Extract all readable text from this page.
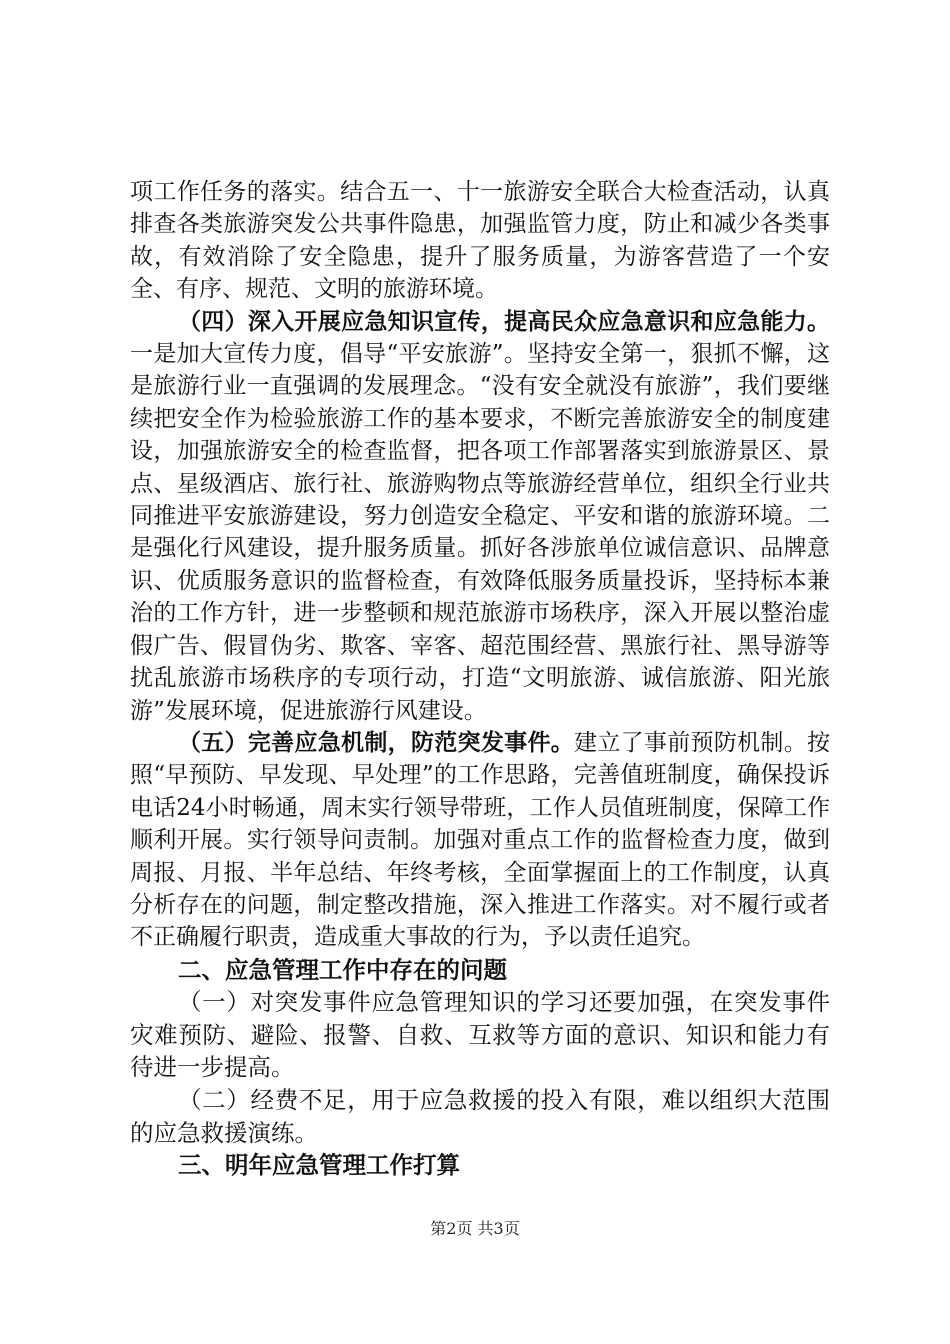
项工作任务的落实。结合五一、十一旅游安全联合大检查活动，认真排查各类旅游突发公共事件隐患，加强监管力度，防止和减少各类事故，有效消除了安全隐患，提升了服务质量，为游客营造了一个安全、有序、规范、文明的旅游环境。

（四）深入开展应急知识宣传，提高民众应急意识和应急能力。一是加大宣传力度，倡导“平安旅游”。坚持安全第一，狠抓不懈，这是旅游行业一直强调的发展理念。“没有安全就没有旅游”，我们要继续把安全作为检验旅游工作的基本要求，不断完善旅游安全的制度建设，加强旅游安全的检查监督，把各项工作部署落实到旅游景区、景点、星级酒店、旅行社、旅游购物点等旅游经营单位，组织全行业共同推进平安旅游建设，努力创造安全稳定、平安和谐的旅游环境。二是强化行风建设，提升服务质量。抓好各涉旅单位诚信意识、品牌意识、优质服务意识的监督检查，有效降低服务质量投诉，坚持标本兼治的工作方针，进一步整顿和规范旅游市场秩序，深入开展以整治虚假广告、假冒伪劣、欺客、宰客、超范围经营、黑旅行社、黑导游等扰乱旅游市场秩序的专项行动，打造“文明旅游、诚信旅游、阳光旅游”发展环境，促进旅游行风建设。

（五）完善应急机制，防范突发事件。建立了事前预防机制。按照“早预防、早发现、早处理”的工作思路，完善值班制度，确保投诉电话24小时畅通，周末实行领导带班，工作人员值班制度，保障工作顺利开展。实行领导问责制。加强对重点工作的监督检查力度，做到周报、月报、半年总结、年终考核，全面掌握面上的工作制度，认真分析存在的问题，制定整改措施，深入推进工作落实。对不履行或者不正确履行职责，造成重大事故的行为，予以责任追究。

二、应急管理工作中存在的问题

（一）对突发事件应急管理知识的学习还要加强，在突发事件灾难预防、避险、报警、自救、互救等方面的意识、知识和能力有待进一步提高。

（二）经费不足，用于应急救援的投入有限，难以组织大范围的应急救援演练。

三、明年应急管理工作打算

第2页 共3页
